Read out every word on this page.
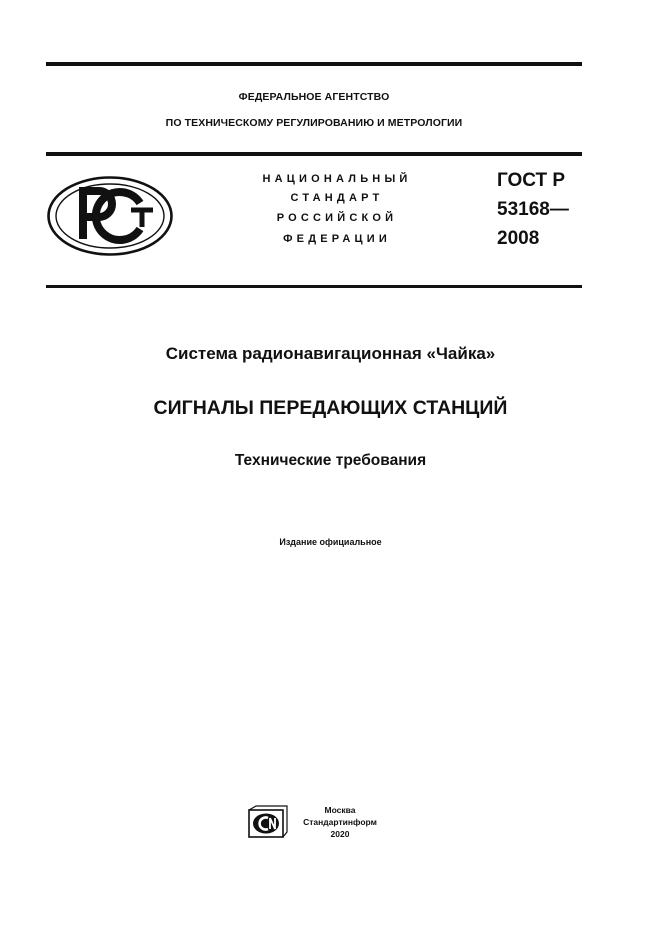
ФЕДЕРАЛЬНОЕ АГЕНТСТВО
ПО ТЕХНИЧЕСКОМУ РЕГУЛИРОВАНИЮ И МЕТРОЛОГИИ
НАЦИОНАЛЬНЫЙ
СТАНДАРТ
РОССИЙСКОЙ
ФЕДЕРАЦИИ
ГОСТ Р
53168—
2008
Система радионавигационная «Чайка»
СИГНАЛЫ ПЕРЕДАЮЩИХ СТАНЦИЙ
Технические требования
Издание официальное
Москва
Стандартинформ
2020
